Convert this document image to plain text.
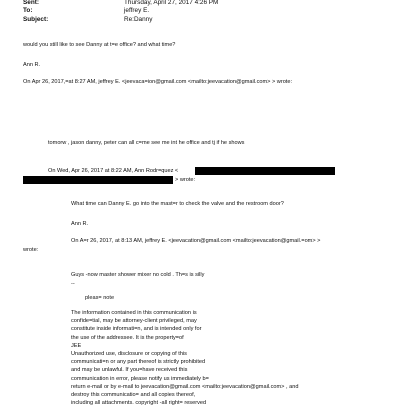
Sent:	Thursday, April 27, 2017 4:26 PM
To:	jeffrey E.
Subject:	Re:Danny
would you still like to see Danny at t=e office? and what time?
Ann R.
On Apr 26, 2017,=at 8:27 AM, jeffrey E. <jeevaca=ion@gmail.com <mailto:jeevacation@gmail.com> > wrote:
tomorw , jason danny, peter can all c=me see me int he office and tj if he shows
On Wed, Apr 26, 2017 at 8:22 AM, Ann Rodr=quez <
> wrote:
What time can Danny E. go into the mast=r to check the valve and the restroom door?
Ann R.
On A=r 26, 2017, at 8:13 AM, jeffrey E. <jeevacation@gmail.com <mailto:jeevacation@gmail.=om> >
wrote:
Guys -now master shower mixer no cold . Th=s is silly
--
pleas= note
The information contained in this communication is
confide=tial, may be attorney-client privileged, may
constitute inside informati=n, and is intended only for
the use of the addressee. It is the property=of
JEE
Unauthorized use, disclosure or copying of this
communicati=n or any part thereof is strictly prohibited
and may be unlawful. If you=have received this
communication in error, please notify us immediately b=
return e-mail or by e-mail to jeevacation@gmail.com <mailto:jeevacation@gmail.com> , and
destroy this communicatio= and all copies thereof,
including all attachments. copyright -all right= reserved
